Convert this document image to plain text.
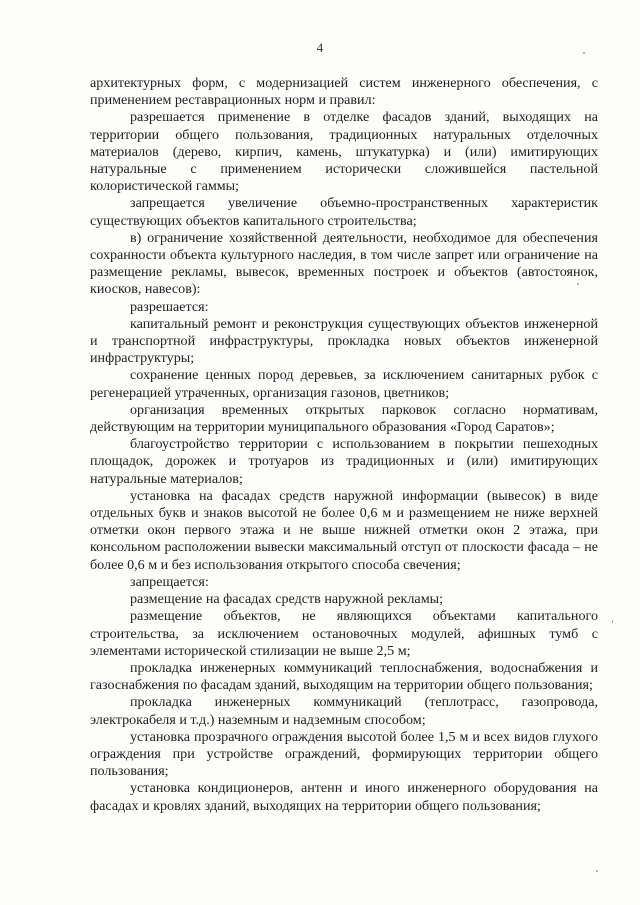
4

архитектурных форм, с модернизацией систем инженерного обеспечения, с применением реставрационных норм и правил:

разрешается применение в отделке фасадов зданий, выходящих на территории общего пользования, традиционных натуральных отделочных материалов (дерево, кирпич, камень, штукатурка) и (или) имитирующих натуральные с применением исторически сложившейся пастельной колористической гаммы;

запрещается увеличение объемно-пространственных характеристик существующих объектов капитального строительства;

в) ограничение хозяйственной деятельности, необходимое для обеспечения сохранности объекта культурного наследия, в том числе запрет или ограничение на размещение рекламы, вывесок, временных построек и объектов (автостоянок, киосков, навесов):

разрешается:

капитальный ремонт и реконструкция существующих объектов инженерной и транспортной инфраструктуры, прокладка новых объектов инженерной инфраструктуры;

сохранение ценных пород деревьев, за исключением санитарных рубок с регенерацией утраченных, организация газонов, цветников;

организация временных открытых парковок согласно нормативам, действующим на территории муниципального образования «Город Саратов»;

благоустройство территории с использованием в покрытии пешеходных площадок, дорожек и тротуаров из традиционных и (или) имитирующих натуральные материалов;

установка на фасадах средств наружной информации (вывесок) в виде отдельных букв и знаков высотой не более 0,6 м и размещением не ниже верхней отметки окон первого этажа и не выше нижней отметки окон 2 этажа, при консольном расположении вывески максимальный отступ от плоскости фасада – не более 0,6 м и без использования открытого способа свечения;

запрещается:

размещение на фасадах средств наружной рекламы;

размещение объектов, не являющихся объектами капитального строительства, за исключением остановочных модулей, афишных тумб с элементами исторической стилизации не выше 2,5 м;

прокладка инженерных коммуникаций теплоснабжения, водоснабжения и газоснабжения по фасадам зданий, выходящим на территории общего пользования;

прокладка инженерных коммуникаций (теплотрасс, газопровода, электрокабеля и т.д.) наземным и надземным способом;

установка прозрачного ограждения высотой более 1,5 м и всех видов глухого ограждения при устройстве ограждений, формирующих территории общего пользования;

установка кондиционеров, антенн и иного инженерного оборудования на фасадах и кровлях зданий, выходящих на территории общего пользования;
